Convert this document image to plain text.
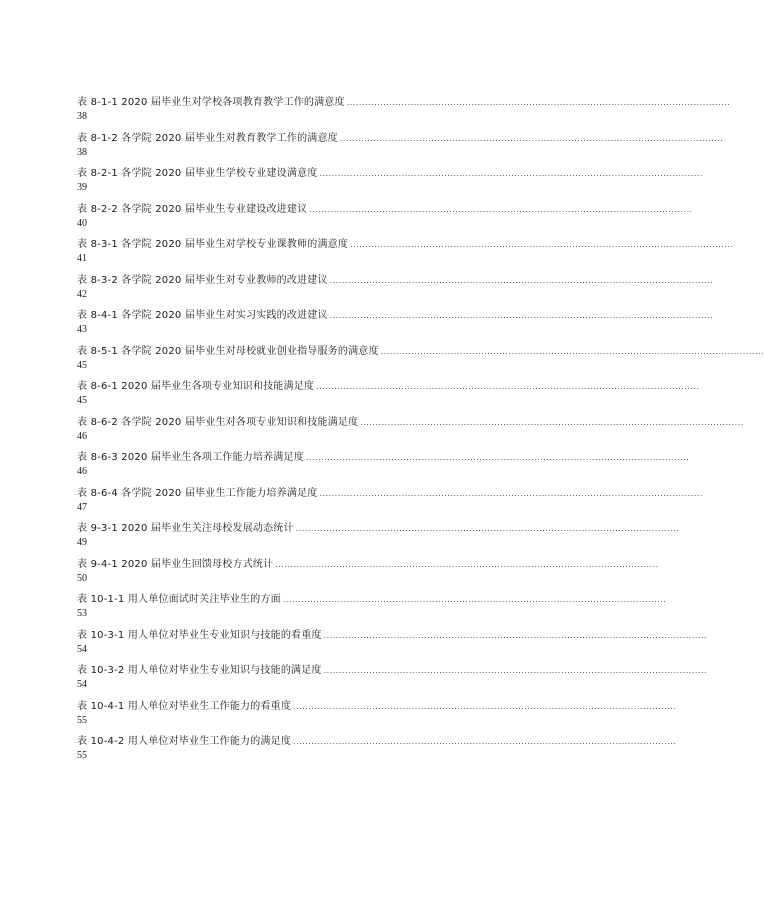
表 8-1-1 2020 届毕业生对学校各项教育教学工作的满意度 ..............................................................................................................................
38
表 8-1-2 各学院 2020 届毕业生对教育教学工作的满意度 ..............................................................................................................................
38
表 8-2-1 各学院 2020 届毕业生学校专业建设满意度 ..............................................................................................................................
39
表 8-2-2 各学院 2020 届毕业生专业建设改进建议 ..............................................................................................................................
40
表 8-3-1 各学院 2020 届毕业生对学校专业课教师的满意度 ..............................................................................................................................
41
表 8-3-2 各学院 2020 届毕业生对专业教师的改进建议 ..............................................................................................................................
42
表 8-4-1 各学院 2020 届毕业生对实习实践的改进建议 ..............................................................................................................................
43
表 8-5-1 各学院 2020 届毕业生对母校就业创业指导服务的满意度 ..............................................................................................................................
45
表 8-6-1 2020 届毕业生各项专业知识和技能满足度 ..............................................................................................................................
45
表 8-6-2 各学院 2020 届毕业生对各项专业知识和技能满足度 ..............................................................................................................................
46
表 8-6-3 2020 届毕业生各项工作能力培养满足度 ..............................................................................................................................
46
表 8-6-4 各学院 2020 届毕业生工作能力培养满足度 ..............................................................................................................................
47
表 9-3-1 2020 届毕业生关注母校发展动态统计 ..............................................................................................................................
49
表 9-4-1 2020 届毕业生回馈母校方式统计 ..............................................................................................................................
50
表 10-1-1 用人单位面试时关注毕业生的方面 ..............................................................................................................................
53
表 10-3-1 用人单位对毕业生专业知识与技能的看重度 ..............................................................................................................................
54
表 10-3-2 用人单位对毕业生专业知识与技能的满足度 ..............................................................................................................................
54
表 10-4-1 用人单位对毕业生工作能力的看重度 ..............................................................................................................................
55
表 10-4-2 用人单位对毕业生工作能力的满足度 ..............................................................................................................................
55
